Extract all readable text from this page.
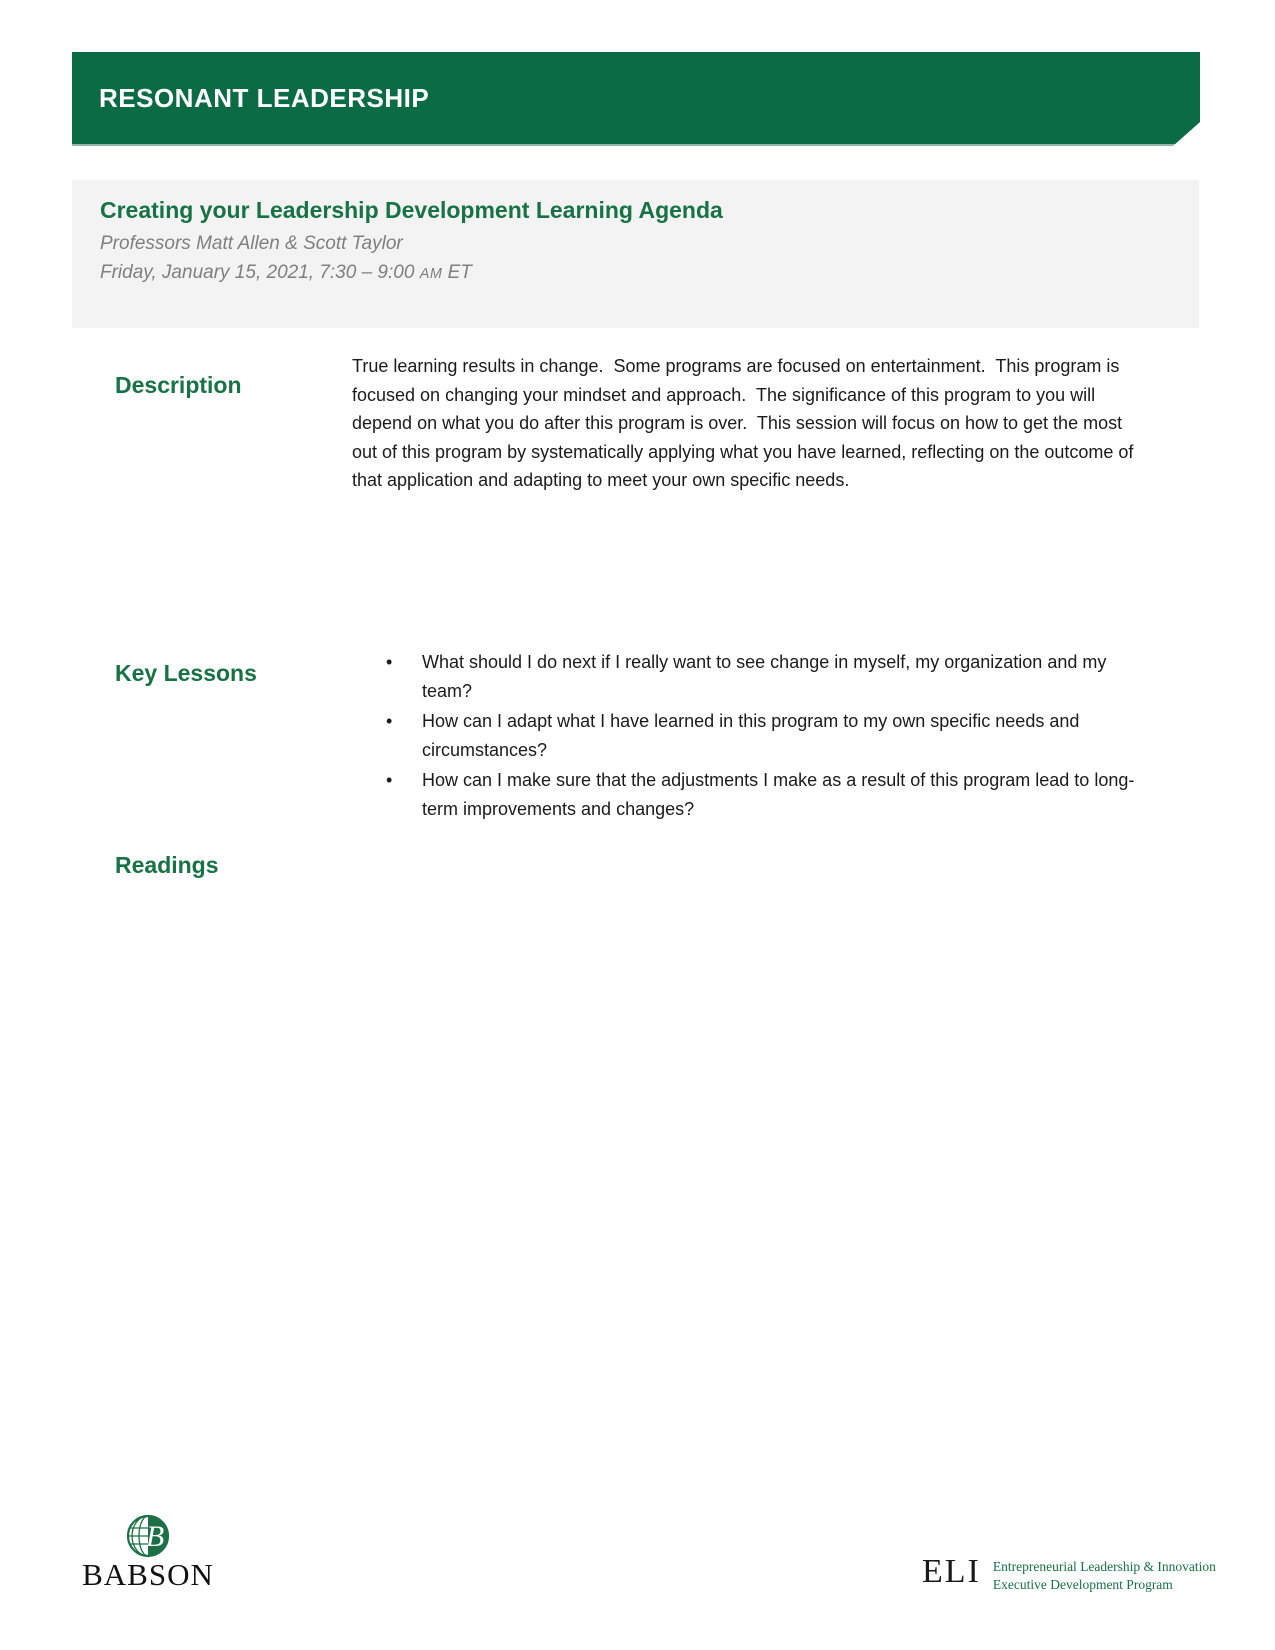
RESONANT LEADERSHIP
Creating your Leadership Development Learning Agenda

Professors Matt Allen & Scott Taylor

Friday, January 15, 2021, 7:30 – 9:00 AM ET

Description

True learning results in change.  Some programs are focused on entertainment.  This program is focused on changing your mindset and approach.  The significance of this program to you will depend on what you do after this program is over.  This session will focus on how to get the most out of this program by systematically applying what you have learned, reflecting on the outcome of that application and adapting to meet your own specific needs.

Key Lessons	• What should I do next if I really want to see change in myself, my organization and my team?
• How can I adapt what I have learned in this program to my own specific needs and circumstances?
• How can I make sure that the adjustments I make as a result of this program lead to long-term improvements and changes?
Readings
B

BABSON	ELI Entrepreneurial Leadership & Innovation
Executive Development Program
